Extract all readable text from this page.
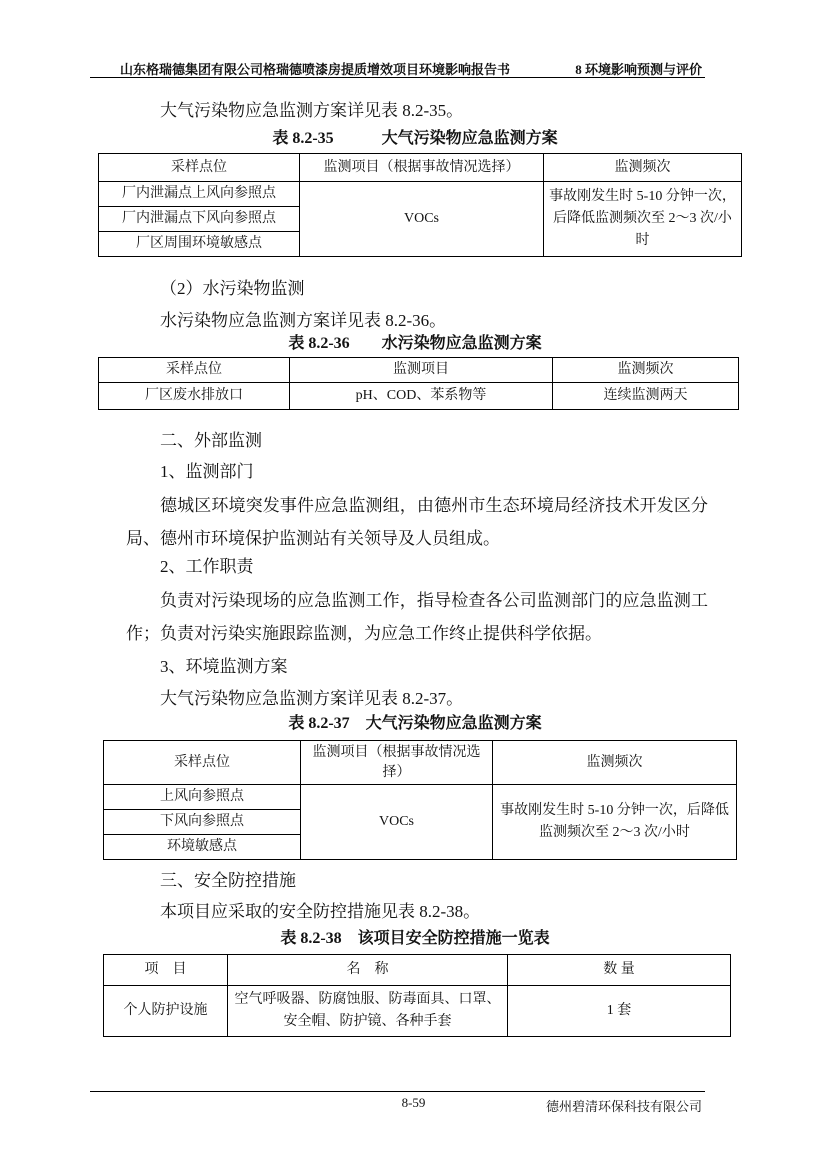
山东格瑞德集团有限公司格瑞德喷漆房提质增效项目环境影响报告书	8 环境影响预测与评价
大气污染物应急监测方案详见表 8.2-35。
表 8.2-35　　　大气污染物应急监测方案
采样点位	监测项目（根据事故情况选择）	监测频次
厂内泄漏点上风向参照点	VOCs	事故刚发生时 5-10 分钟一次，后降低监测频次至 2～3 次/小时
厂内泄漏点下风向参照点		
厂区周围环境敏感点		
（2）水污染物监测
水污染物应急监测方案详见表 8.2-36。
表 8.2-36　　水污染物应急监测方案
采样点位	监测项目	监测频次
厂区废水排放口	pH、COD、苯系物等	连续监测两天
二、外部监测
1、监测部门
德城区环境突发事件应急监测组，由德州市生态环境局经济技术开发区分局、德州市环境保护监测站有关领导及人员组成。
2、工作职责
负责对污染现场的应急监测工作，指导检查各公司监测部门的应急监测工作；负责对污染实施跟踪监测，为应急工作终止提供科学依据。
3、环境监测方案
大气污染物应急监测方案详见表 8.2-37。
表 8.2-37　大气污染物应急监测方案
采样点位	监测项目（根据事故情况选择）	监测频次
上风向参照点	VOCs	事故刚发生时 5-10 分钟一次，后降低监测频次至 2～3 次/小时
下风向参照点		
环境敏感点		
三、安全防控措施
本项目应采取的安全防控措施见表 8.2-38。
表 8.2-38　该项目安全防控措施一览表
项　目	名　称	数 量
个人防护设施	空气呼吸器、防腐蚀服、防毒面具、口罩、安全帽、防护镜、各种手套	1 套
8-59	德州碧清环保科技有限公司
